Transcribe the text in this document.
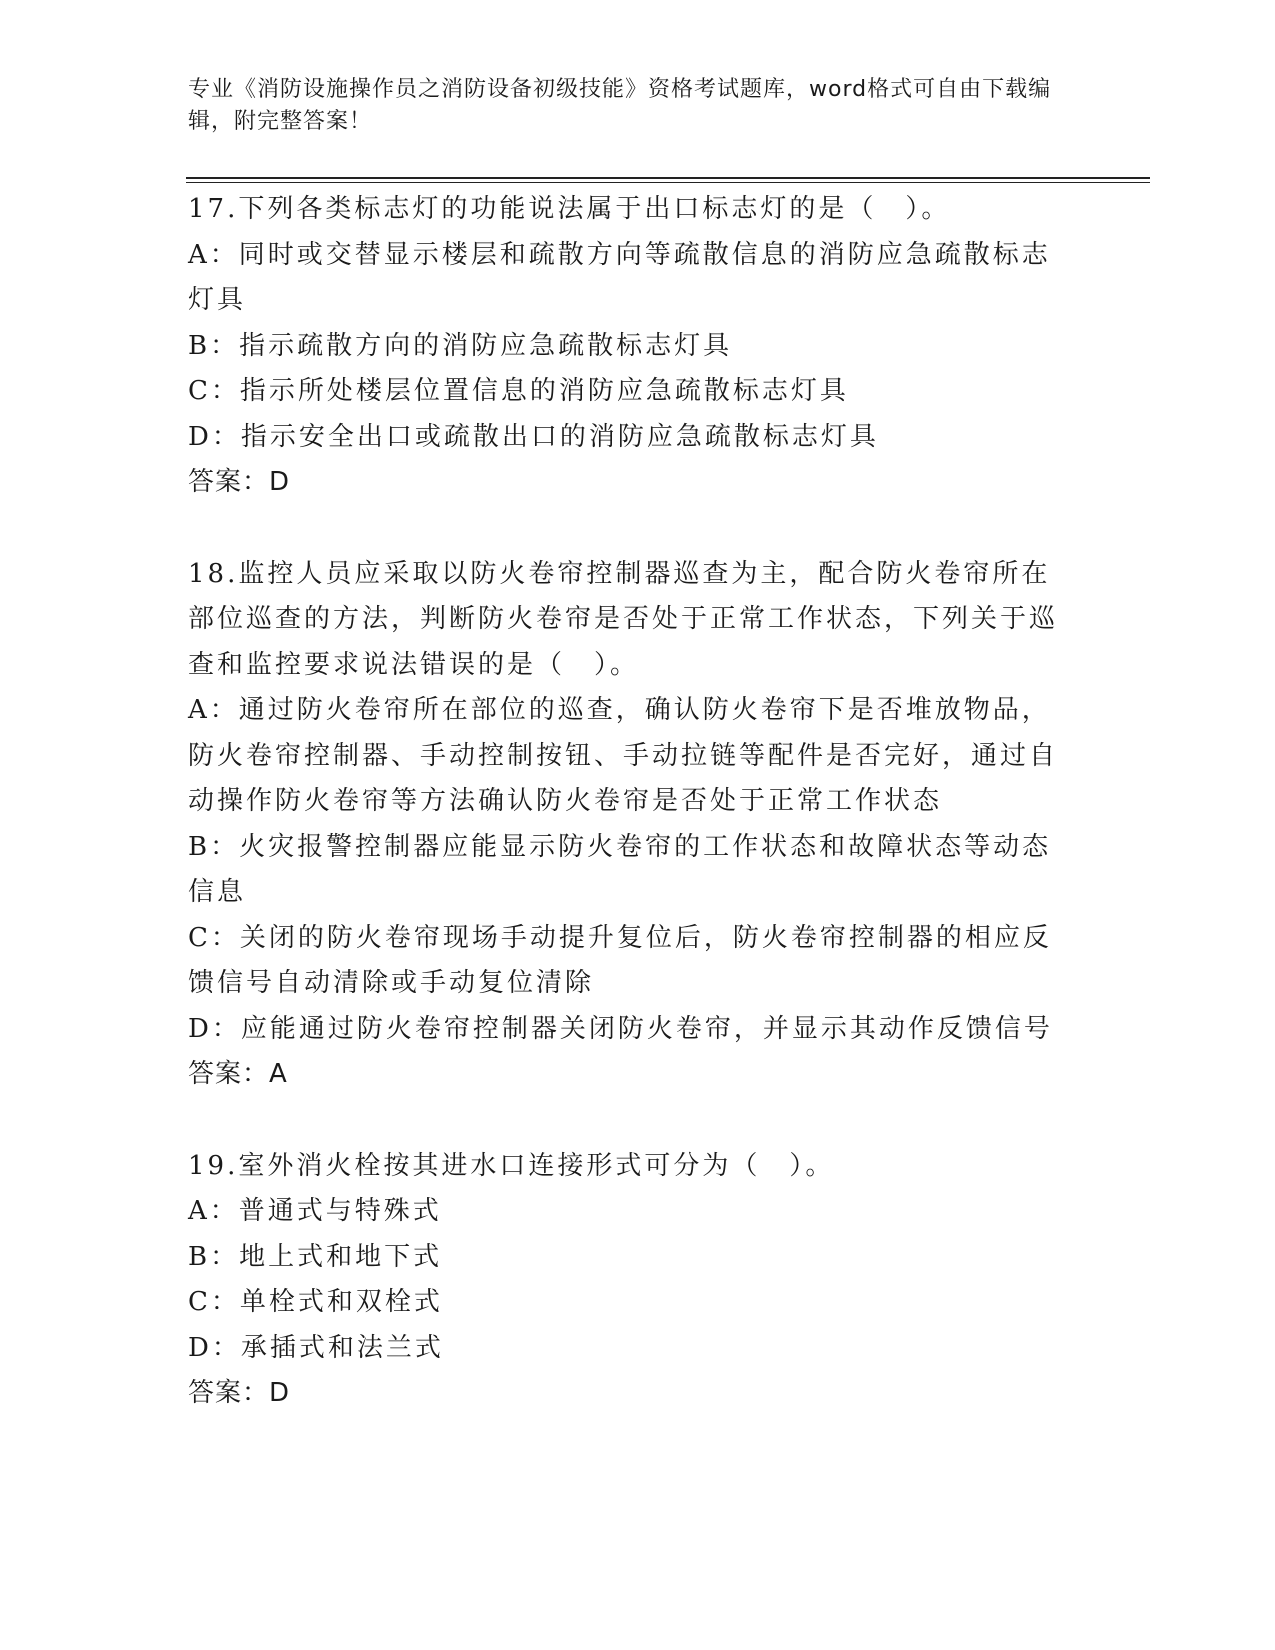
专业《消防设施操作员之消防设备初级技能》资格考试题库，word格式可自由下载编辑，附完整答案！
17.下列各类标志灯的功能说法属于出口标志灯的是（　）。
A：同时或交替显示楼层和疏散方向等疏散信息的消防应急疏散标志灯具
B：指示疏散方向的消防应急疏散标志灯具
C：指示所处楼层位置信息的消防应急疏散标志灯具
D：指示安全出口或疏散出口的消防应急疏散标志灯具
答案：D
18.监控人员应采取以防火卷帘控制器巡查为主，配合防火卷帘所在部位巡查的方法，判断防火卷帘是否处于正常工作状态，下列关于巡查和监控要求说法错误的是（　）。
A：通过防火卷帘所在部位的巡查，确认防火卷帘下是否堆放物品，防火卷帘控制器、手动控制按钮、手动拉链等配件是否完好，通过自动操作防火卷帘等方法确认防火卷帘是否处于正常工作状态
B：火灾报警控制器应能显示防火卷帘的工作状态和故障状态等动态信息
C：关闭的防火卷帘现场手动提升复位后，防火卷帘控制器的相应反馈信号自动清除或手动复位清除
D：应能通过防火卷帘控制器关闭防火卷帘，并显示其动作反馈信号
答案：A
19.室外消火栓按其进水口连接形式可分为（　）。
A：普通式与特殊式
B：地上式和地下式
C：单栓式和双栓式
D：承插式和法兰式
答案：D
